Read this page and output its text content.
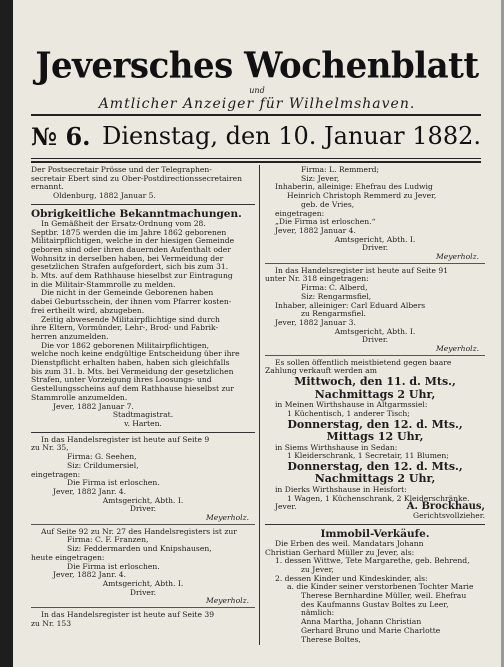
Jeversches Wochenblatt
und
Amtlicher Anzeiger für Wilhelmshaven.
№ 6. Dienstag, den 10. Januar 1882.
Der Postsecretair Prösse und der Telegraphen-
secretair Ebert sind zu Ober-Postdirectionssecretairen
ernannt.
Oldenburg, 1882 Januar 5.
Obrigkeitliche Bekanntmachungen.
In Gemäßheit der Ersatz-Ordnung vom 28.
Septbr. 1875 werden die im Jahre 1862 geborenen
Militairpflichtigen, welche in der hiesigen Gemeinde
geboren sind oder ihren dauernden Aufenthalt oder
Wohnsitz in derselben haben, bei Vermeidung der
gesetzlichen Strafen aufgefordert, sich bis zum 31.
b. Mts. auf dem Rathhause hieselbst zur Eintragung
in die Militair-Stammrolle zu melden.
Die nicht in der Gemeinde Geborenen haben
dabei Geburtsschein, der ihnen vom Pfarrer kosten-
frei ertheilt wird, abzugeben.
Zeitig abwesende Militairpflichtige sind durch
ihre Eltern, Vormünder, Lehr-, Brod- und Fabrik-
herren anzumelden.
Die vor 1862 geborenen Militairpflichtigen,
welche noch keine endgültige Entscheidung über ihre
Dienstpflicht erhalten haben, haben sich gleichfalls
bis zum 31. b. Mts. bei Vermeidung der gesetzlichen
Strafen, unter Vorzeigung ihres Loosungs- und
Gestellungsscheins auf dem Rathhause hieselbst zur
Stammrolle anzumelden.
Jever, 1882 Januar 7.
Stadtmagistrat.
v. Harten.
In das Handelsregister ist heute auf Seite 9
zu Nr. 35,
Firma: G. Seehen,
Siz: Crildumersiel,
eingetragen:
Die Firma ist erloschen.
Jever, 1882 Janr. 4.
Amtsgericht, Abth. I.
Driver.
Meyerholz.
Auf Seite 92 zu Nr. 27 des Handelsregisters ist zur
Firma: C. F. Franzen,
Siz: Feddermarden und Knipshausen,
heute eingetragen:
Die Firma ist erloschen.
Jever, 1882 Janr. 4.
Amtsgericht, Abth. I.
Driver.
Meyerholz.
In das Handelsregister ist heute auf Seite 39
zu Nr. 153
Firma: L. Remmerd;
Siz: Jever,
Inhaberin, alleinige: Ehefrau des Ludwig
Heinrich Christoph Remmerd zu Jever,
geb. de Vries,
eingetragen:
„Die Firma ist erloschen.“
Jever, 1882 Januar 4.
Amtsgericht, Abth. I.
Driver.
Meyerholz.
In das Handelsregister ist heute auf Seite 91
unter Nr. 318 eingetragen:
Firma: C. Alberd,
Siz: Rengarmsfiel,
Inhaber, alleiniger: Carl Eduard Albers
zu Rengarmsfiel.
Jever, 1882 Januar 3.
Amtsgericht, Abth. I.
Driver.
Meyerholz.
Es sollen öffentlich meistbietend gegen baare
Zahlung verkauft werden am
Mittwoch, den 11. d. Mts.,
Nachmittags 2 Uhr,
in Meinen Wirthshause in Altgarmssiel:
1 Küchentisch, 1 anderer Tisch;
Donnerstag, den 12. d. Mts.,
Mittags 12 Uhr,
in Siems Wirthshause in Sedan:
1 Kleiderschrank, 1 Secretair, 11 Blumen;
Donnerstag, den 12. d. Mts.,
Nachmittags 2 Uhr,
in Dierks Wirthshause in Heisfort:
1 Wagen, 1 Küchenschrank, 2 Kleiderschränke.
Jever.	A. Brockhaus,
Gerichtsvollzieher.
Immobil-Verkäufe.
Die Erben des weil. Mandatars Johann
Christian Gerhard Müller zu Jever, als:
1. dessen Wittwe, Tete Margarethe, geb. Behrend,
zu Jever,
2. dessen Kinder und Kindeskinder, als:
a. die Kinder seiner verstorbenen Tochter Marie
Therese Bernhardine Müller, weil. Ehefrau
des Kaufmanns Gustav Boltes zu Leer,
nämlich:
Anna Martha, Johann Christian
Gerhard Bruno und Marie Charlotte
Therese Boltes,
